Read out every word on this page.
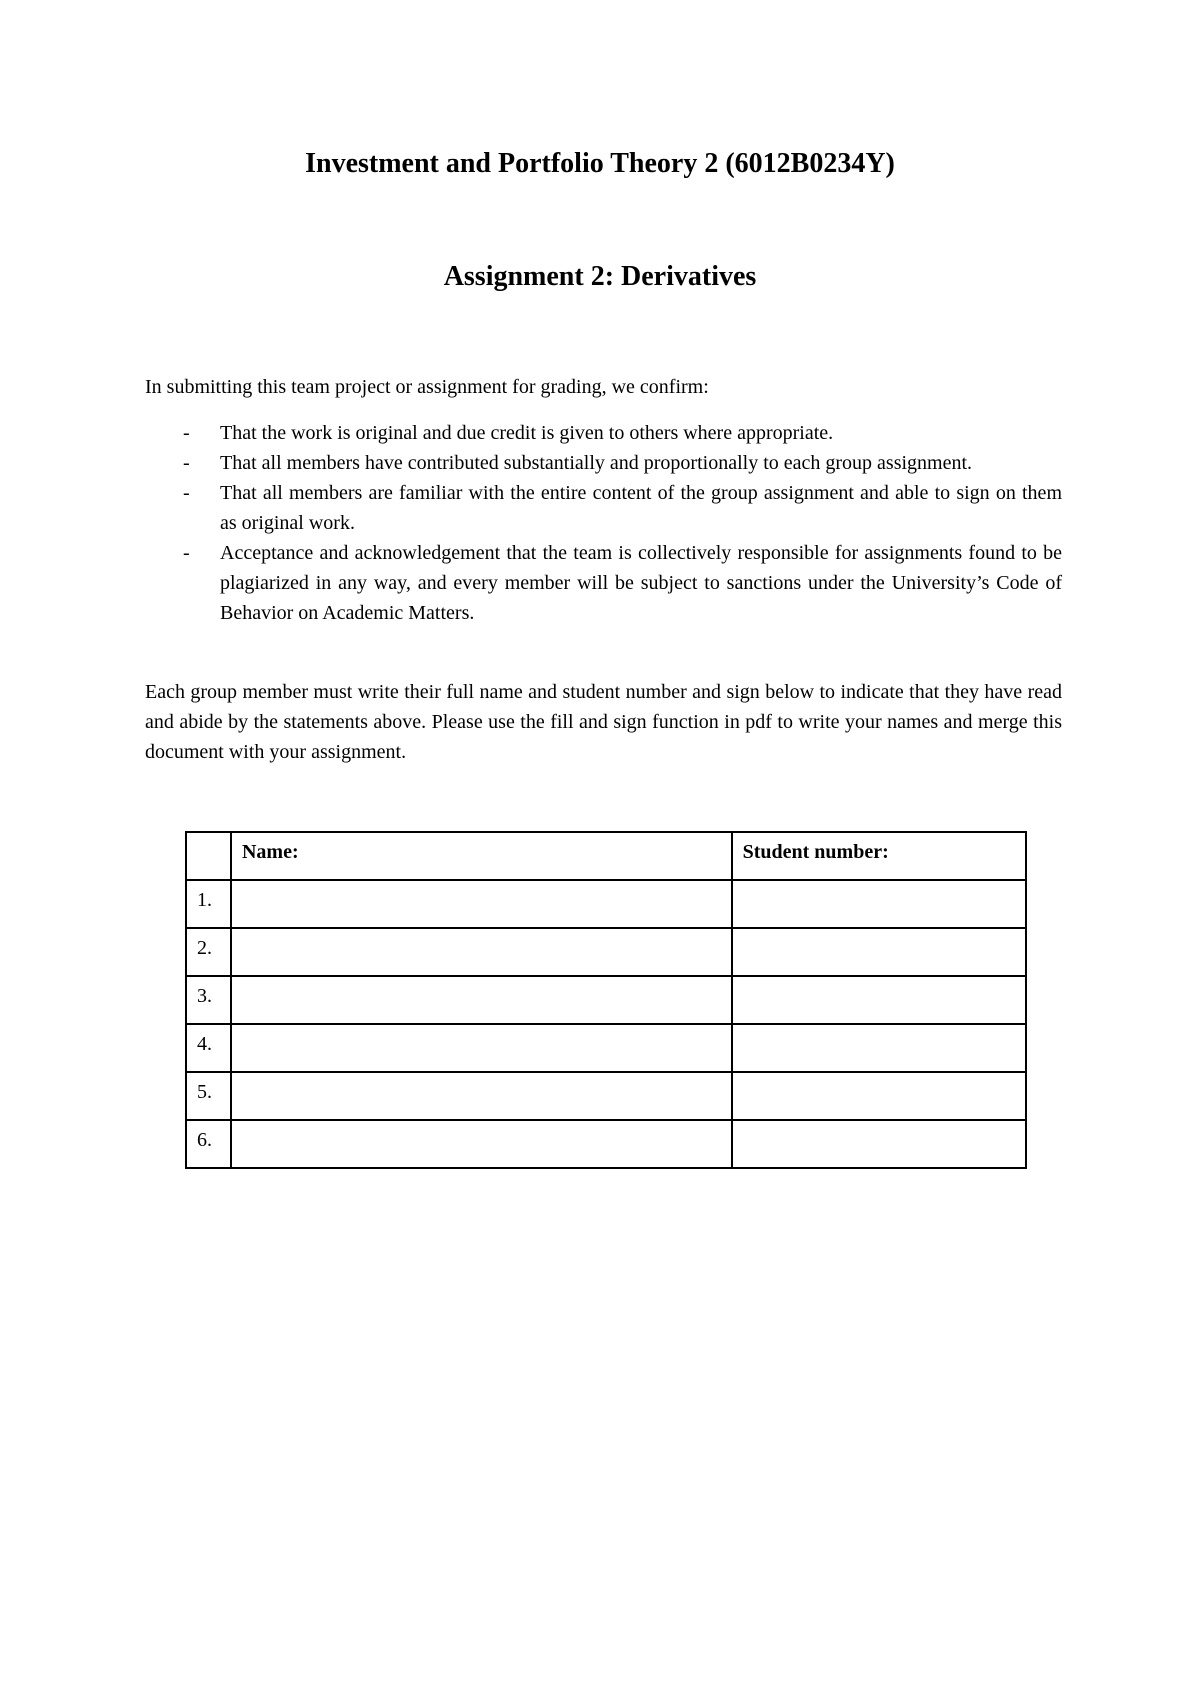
Investment and Portfolio Theory 2 (6012B0234Y)
Assignment 2: Derivatives

In submitting this team project or assignment for grading, we confirm:

- That the work is original and due credit is given to others where appropriate.
- That all members have contributed substantially and proportionally to each group assignment.
- That all members are familiar with the entire content of the group assignment and able to sign on them as original work.
- Acceptance and acknowledgement that the team is collectively responsible for assignments found to be plagiarized in any way, and every member will be subject to sanctions under the University’s Code of Behavior on Academic Matters.

Each group member must write their full name and student number and sign below to indicate that they have read and abide by the statements above. Please use the fill and sign function in pdf to write your names and merge this document with your assignment.

	Name:	Student number:
1.		
2.		
3.		
4.		
5.		
6.		
